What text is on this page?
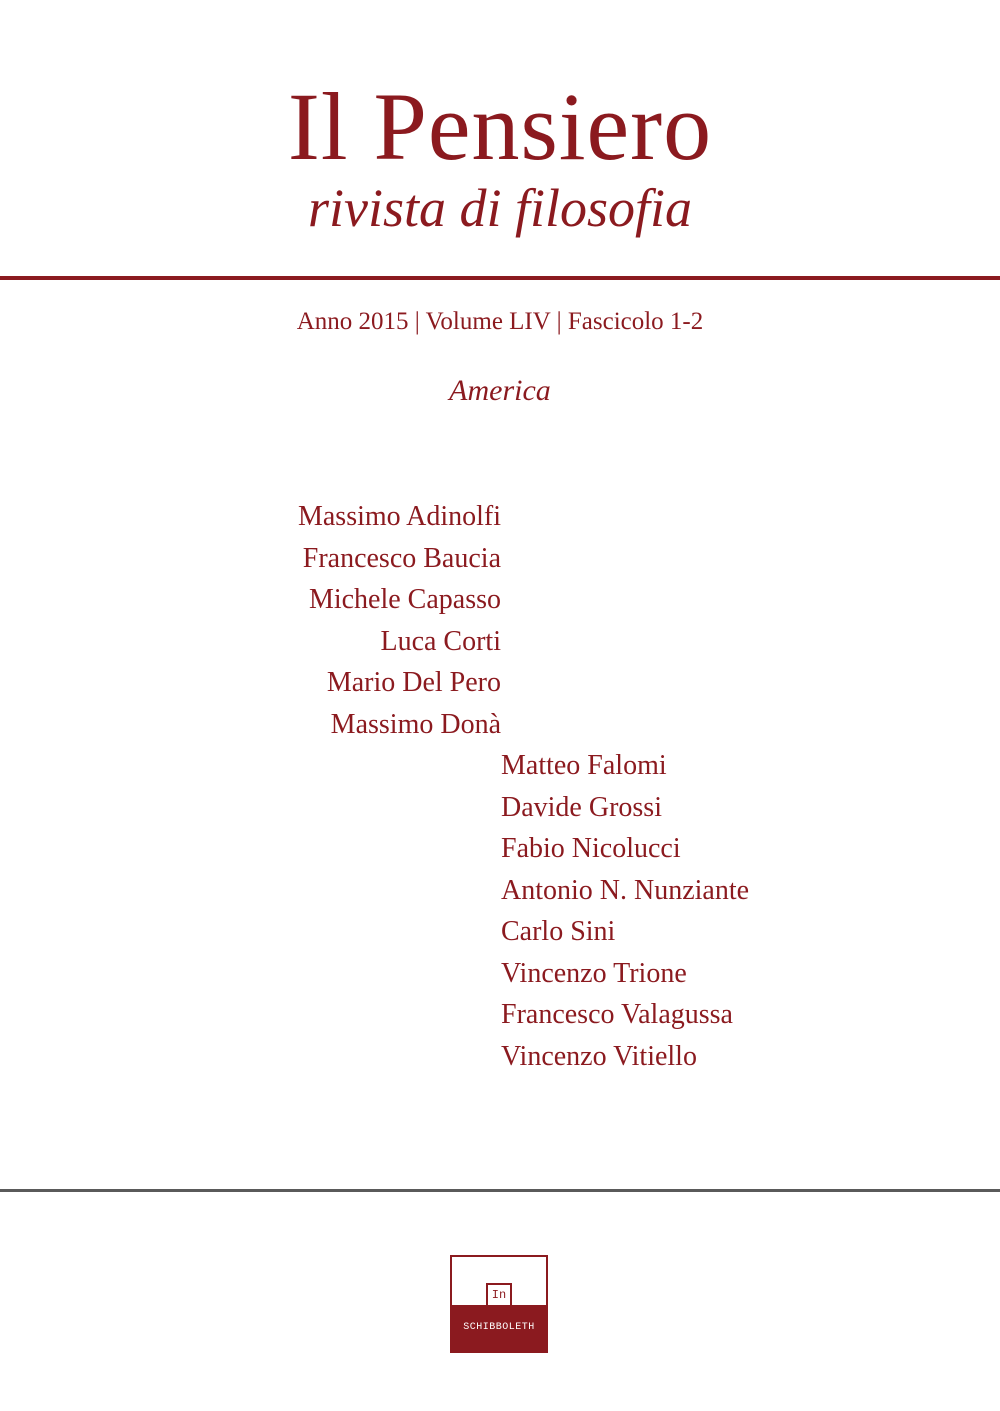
Il Pensiero
rivista di filosofia
Anno 2015 | Volume LIV | Fascicolo 1-2
America
Massimo Adinolfi
Francesco Baucia
Michele Capasso
Luca Corti
Mario Del Pero
Massimo Donà
Matteo Falomi
Davide Grossi
Fabio Nicolucci
Antonio N. Nunziante
Carlo Sini
Vincenzo Trione
Francesco Valagussa
Vincenzo Vitiello
In
SCHIBBOLETH
